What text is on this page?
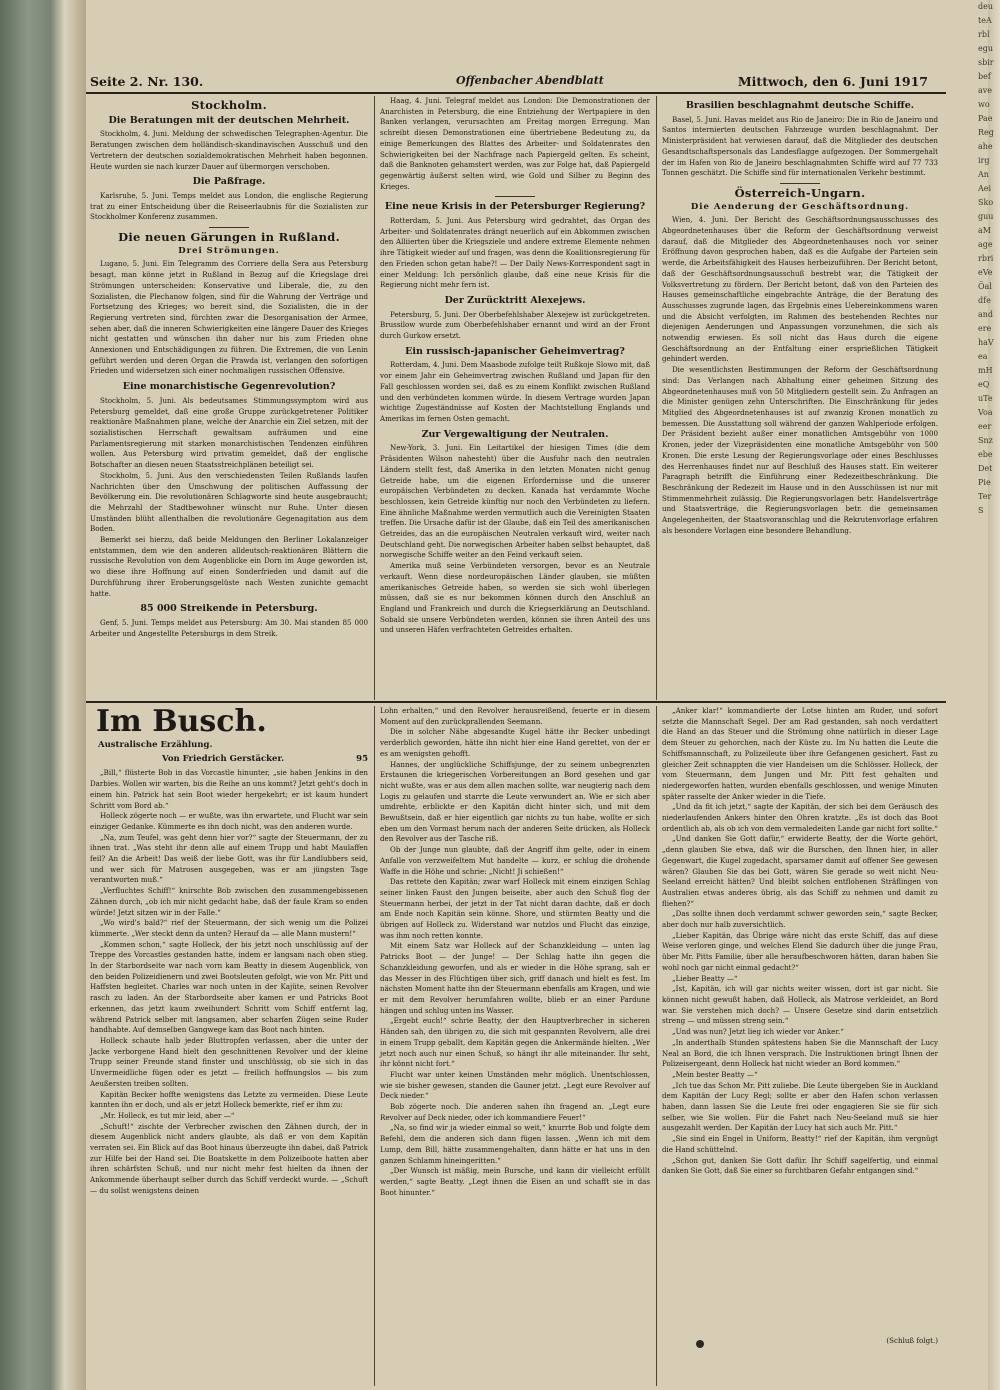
Seite 2. Nr. 130.	Offenbacher Abendblatt	Mittwoch, den 6. Juni 1917
Stockholm.
Die Beratungen mit der deutschen Mehrheit.

Stockholm, 4. Juni. Meldung der schwedischen Telegraphen-Agentur. Die Beratungen zwischen dem holländisch-skandinavischen Ausschuß und den Vertretern der deutschen sozialdemokratischen Mehrheit haben begonnen. Heute wurden sie nach kurzer Dauer auf übermorgen verschoben.

Die Paßfrage.

Karlsruhe, 5. Juni. Temps meldet aus London, die englische Regierung trat zu einer Entscheidung über die Reiseerlaubnis für die Sozialisten zur Stockholmer Konferenz zusammen.

Die neuen Gärungen in Rußland.
Drei Strömungen.

Lugano, 5. Juni. Ein Telegramm des Corriere della Sera aus Petersburg besagt, man könne jetzt in Rußland in Bezug auf die Kriegslage drei Strömungen unterscheiden: Konservative und Liberale, die, zu den Sozialisten, die Plechanow folgen, sind für die Wahrung der Verträge und Fortsetzung des Krieges; wo bereit sind, die Sozialisten, die in der Regierung vertreten sind, fürchten zwar die Desorganisation der Armee, sehen aber, daß die inneren Schwierigkeiten eine längere Dauer des Krieges nicht gestatten und wünschen ihn daher nur bis zum Frieden ohne Annexionen und Entschädigungen zu führen. Die Extremen, die von Lenin geführt werden und deren Organ die Prawda ist, verlangen den sofortigen Frieden und widersetzen sich einer nochmaligen russischen Offensive.

Eine monarchistische Gegenrevolution?

Stockholm, 5. Juni. Als bedeutsames Stimmungssymptom wird aus Petersburg gemeldet, daß eine große Gruppe zurückgetretener Politiker reaktionäre Maßnahmen plane, welche der Anarchie ein Ziel setzen, mit der sozialistischen Herrschaft gewaltsam aufräumen und eine Parlamentsregierung mit starken monarchistischen Tendenzen einführen wollen. Aus Petersburg wird privatim gemeldet, daß der englische Botschafter an diesen neuen Staatsstreichplänen beteiligt sei.

Stockholm, 5. Juni. Aus den verschiedensten Teilen Rußlands laufen Nachrichten über den Umschwung der politischen Auffassung der Bevölkerung ein. Die revolutionären Schlagworte sind heute ausgebraucht; die Mehrzahl der Stadtbewohner wünscht nur Ruhe. Unter diesen Umständen blüht allenthalben die revolutionäre Gegenagitation aus dem Boden.

Bemerkt sei hierzu, daß beide Meldungen den Berliner Lokalanzeiger entstammen, dem wie den anderen alldeutsch-reaktionären Blättern die russische Revolution von dem Augenblicke ein Dorn im Auge geworden ist, wo diese ihre Hoffnung auf einen Sonderfrieden und damit auf die Durchführung ihrer Eroberungsgelüste nach Westen zunichte gemacht hatte.

85 000 Streikende in Petersburg.

Genf, 5. Juni. Temps meldet aus Petersburg: Am 30. Mai standen 85 000 Arbeiter und Angestellte Petersburgs in dem Streik.

Haag, 4. Juni. Telegraf meldet aus London: Die Demonstrationen der Anarchisten in Petersburg, die eine Entziehung der Wertpapiere in den Banken verlangen, verursachten am Freitag morgen Erregung. Man schreibt diesen Demonstrationen eine übertriebene Bedeutung zu, da einige Bemerkungen des Blattes des Arbeiter- und Soldatenrates den Schwierigkeiten bei der Nachfrage nach Papiergeld gelten. Es scheint, daß die Banknoten gehamstert werden, was zur Folge hat, daß Papiergeld gegenwärtig äußerst selten wird, wie Gold und Silber zu Beginn des Krieges.

Eine neue Krisis in der Petersburger Regierung?

Rotterdam, 5. Juni. Aus Petersburg wird gedrahtet, das Organ des Arbeiter- und Soldatenrates drängt neuerlich auf ein Abkommen zwischen den Alliierten über die Kriegsziele und andere extreme Elemente nehmen ihre Tätigkeit wieder auf und fragen, was denn die Koalitionsregierung für den Frieden schon getan habe?! — Der Daily News-Korrespondent sagt in einer Meldung: Ich persönlich glaube, daß eine neue Krisis für die Regierung nicht mehr fern ist.

Der Zurücktritt Alexejews.

Petersburg, 5. Juni. Der Oberbefehlshaber Alexejew ist zurückgetreten. Brussilow wurde zum Oberbefehlshaber ernannt und wird an der Front durch Gurkow ersetzt.

Ein russisch-japanischer Geheimvertrag?

Rotterdam, 4. Juni. Dem Maasbode zufolge teilt Rußkoje Slowo mit, daß vor einem Jahr ein Geheimvertrag zwischen Rußland und Japan für den Fall geschlossen worden sei, daß es zu einem Konflikt zwischen Rußland und den verbündeten kommen würde. In diesem Vertrage wurden Japan wichtige Zugeständnisse auf Kosten der Machtstellung Englands und Amerikas im fernen Osten gemacht.

Zur Vergewaltigung der Neutralen.

New-York, 3. Juni. Ein Leitartikel der hiesigen Times (die dem Präsidenten Wilson nahesteht) über die Ausfuhr nach den neutralen Ländern stellt fest, daß Amerika in den letzten Monaten nicht genug Getreide habe, um die eigenen Erfordernisse und die unserer europäischen Verbündeten zu decken. Kanada hat verdammte Woche beschlossen, kein Getreide künftig nur noch den Verbündeten zu liefern. Eine ähnliche Maßnahme werden vermutlich auch die Vereinigten Staaten treffen. Die Ursache dafür ist der Glaube, daß ein Teil des amerikanischen Getreides, das an die europäischen Neutralen verkauft wird, weiter nach Deutschland geht. Die norwegischen Arbeiter haben selbst behauptet, daß norwegische Schiffe weiter an den Feind verkauft seien.

Amerika muß seine Verbündeten versorgen, bevor es an Neutrale verkauft. Wenn diese nordeuropäischen Länder glauben, sie müßten amerikanisches Getreide haben, so werden sie sich wohl überlegen müssen, daß sie es nur bekommen können durch den Anschluß an England und Frankreich und durch die Kriegserklärung an Deutschland. Sobald sie unsere Verbündeten werden, können sie ihren Anteil des uns und unseren Häfen verfrachteten Getreides erhalten.

Brasilien beschlagnahmt deutsche Schiffe.

Basel, 5. Juni. Havas meldet aus Rio de Janeiro: Die in Rio de Janeiro und Santos internierten deutschen Fahrzeuge wurden beschlagnahmt. Der Ministerpräsident hat verwiesen darauf, daß die Mitglieder des deutschen Gesandtschaftspersonals das Landesflagge aufgezogen. Der Sommergehalt der im Hafen von Rio de Janeiro beschlagnahmten Schiffe wird auf 77 733 Tonnen geschätzt. Die Schiffe sind für internationalen Verkehr bestimmt.

Österreich-Ungarn.
Die Aenderung der Geschäftsordnung.

Wien, 4. Juni. Der Bericht des Geschäftsordnungsausschusses des Abgeordnetenhauses über die Reform der Geschäftsordnung verweist darauf, daß die Mitglieder des Abgeordnetenhauses noch vor seiner Eröffnung davon gesprochen haben, daß es die Aufgabe der Parteien sein werde, die Arbeitsfähigkeit des Hauses herbeizuführen. Der Bericht betont, daß der Geschäftsordnungsausschuß bestrebt war, die Tätigkeit der Volksvertretung zu fördern. Der Bericht betont, daß von den Parteien des Hauses gemeinschaftliche eingebrachte Anträge, die der Beratung des Ausschusses zugrunde lagen, das Ergebnis eines Uebereinkommens waren und die Absicht verfolgten, im Rahmen des bestehenden Rechtes nur diejenigen Aenderungen und Anpassungen vorzunehmen, die sich als notwendig erwiesen. Es soll nicht das Haus durch die eigene Geschäftsordnung an der Entfaltung einer ersprießlichen Tätigkeit gehindert werden.

Die wesentlichsten Bestimmungen der Reform der Geschäftsordnung sind: Das Verlangen nach Abhaltung einer geheimen Sitzung des Abgeordnetenhauses muß von 50 Mitgliedern gestellt sein. Zu Anfragen an die Minister genügen zehn Unterschriften. Die Einschränkung für jedes Mitglied des Abgeordnetenhauses ist auf zwanzig Kronen monatlich zu bemessen. Die Ausstattung soll während der ganzen Wahlperiode erfolgen. Der Präsident bezieht außer einer monatlichen Amtsgebühr von 1000 Kronen, jeder der Vizepräsidenten eine monatliche Amtsgebühr von 500 Kronen. Die erste Lesung der Regierungsvorlage oder eines Beschlusses des Herrenhauses findet nur auf Beschluß des Hauses statt. Ein weiterer Paragraph betrifft die Einführung einer Redezeitbeschränkung. Die Beschränkung der Redezeit im Hause und in den Ausschüssen ist nur mit Stimmenmehrheit zulässig. Die Regierungsvorlagen betr. Handelsverträge und Staatsverträge, die Regierungsvorlagen betr. die gemeinsamen Angelegenheiten, der Staatsvoranschlag und die Rekrutenvorlage erfahren als besondere Vorlagen eine besondere Behandlung.

Im Busch.
Australische Erzählung.
Von Friedrich Gerstäcker.	95

„Bill,“ flüsterte Bob in das Vorcastle hinunter, „sie haben Jenkins in den Darbies. Wollen wir warten, bis die Reihe an uns kommt? Jetzt geht's doch in einem hin. Patrick hat sein Boot wieder hergekehrt; er ist kaum hundert Schritt vom Bord ab.“

Holleck zögerte noch — er wußte, was ihn erwartete, und Flucht war sein einziger Gedanke. Kümmerte es ihn doch nicht, was den anderen wurde.

„Na, zum Teufel, was geht denn hier vor?“ sagte der Steuermann, der zu ihnen trat. „Was steht ihr denn alle auf einem Trupp und habt Maulaffen feil? An die Arbeit! Das weiß der liebe Gott, was ihr für Landlubbers seid, und wer sich für Matrosen ausgegeben, was er am jüngsten Tage verantworten muß.“

„Verfluchtes Schiff!“ knirschte Bob zwischen den zusammengebissenen Zähnen durch, „ob ich mir nicht gedacht habe, daß der faule Kram so enden würde! Jetzt sitzen wir in der Falle.“

„Wo wird's bald?“ rief der Steuermann, der sich wenig um die Polizei kümmerte. „Wer steckt denn da unten? Herauf da — alle Mann mustern!“

„Kommen schon,“ sagte Holleck, der bis jetzt noch unschlüssig auf der Treppe des Vorcastles gestanden hatte, indem er langsam nach oben stieg. In der Starbordseite war nach vorn kam Beatty in diesem Augenblick, von den beiden Polizeidienern und zwei Bootsleuten gefolgt, wie von Mr. Pitt und Haffsten begleitet. Charles war noch unten in der Kajüte, seinen Revolver rasch zu laden. An der Starbordseite aber kamen er und Patricks Boot erkennen, das jetzt kaum zweihundert Schritt vom Schiff entfernt lag, während Patrick selber mit langsamen, aber scharfen Zügen seine Ruder handhabte. Auf demselben Gangwege kam das Boot nach hinten.

Holleck schaute halb jeder Bluttropfen verlassen, aber die unter der Jacke verborgene Hand hielt den geschnittenen Revolver und der kleine Trupp seiner Freunde stand finster und unschlüssig, ob sie sich in das Unvermeidliche fügen oder es jetzt — freilich hoffnungslos — bis zum Aeußersten treiben sollten.

Kapitän Becker hoffte wenigstens das Letzte zu vermeiden. Diese Leute kannten ihn er doch, und als er jetzt Holleck bemerkte, rief er ihm zu:

„Mr. Holleck, es tut mir leid, aber —“

„Schuft!“ zischte der Verbrecher zwischen den Zähnen durch, der in diesem Augenblick nicht anders glaubte, als daß er von dem Kapitän verraten sei. Ein Blick auf das Boot hinaus überzeugte ihn dabei, daß Patrick zur Hilfe bei der Hand sei. Die Boatskette in dem Polizeiboote hatten aber ihren schärfsten Schuß, und nur nicht mehr fest hielten da ihnen der Ankommende überhaupt selber durch das Schiff verdeckt wurde. — „Schuft — du sollst wenigstens deinen

Lohn erhalten,“ und den Revolver herausreißend, feuerte er in diesem Moment auf den zurückprallenden Seemann.

Die in solcher Nähe abgesandte Kugel hätte ihr Becker unbedingt verderblich geworden, hätte ihn nicht hier eine Hand gerettet, von der er es am wenigsten gehofft.

Hannes, der unglückliche Schiffsjunge, der zu seinem unbegrenzten Erstaunen die kriegerischen Vorbereitungen an Bord gesehen und gar nicht wußte, was er aus dem allen machen sollte, war neugierig nach dem Logis zu gelaufen und starrte die Leute verwundert an. Wie er sich aber umdrehte, erblickte er den Kapitän dicht hinter sich, und mit dem Bewußtsein, daß er hier eigentlich gar nichts zu tun habe, wollte er sich eben um den Vormast herum nach der anderen Seite drücken, als Holleck den Revolver aus der Tasche riß.

Ob der Junge nun glaubte, daß der Angriff ihm gelte, oder in einem Anfalle von verzweifeltem Mut handelte — kurz, er schlug die drohende Waffe in die Höhe und schrie: „Nicht! Ji schießen!“

Das rettete den Kapitän; zwar warf Holleck mit einem einzigen Schlag seiner linken Faust den Jungen beiseite, aber auch den Schuß flog der Steuermann herbei, der jetzt in der Tat nicht daran dachte, daß er doch am Ende noch Kapitän sein könne. Shore, und stürmten Beatty und die übrigen auf Holleck zu. Widerstand war nutzlos und Flucht das einzige, was ihm noch retten konnte.

Mit einem Satz war Holleck auf der Schanzkleidung — unten lag Patricks Boot — der Junge! — Der Schlag hatte ihn gegen die Schanzkleidung geworfen, und als er wieder in die Höhe sprang, sah er das Messer in des Flüchtigen über sich, griff danach und hielt es fest. Im nächsten Moment hatte ihn der Steuermann ebenfalls am Kragen, und wie er mit dem Revolver herumfahren wollte, blieb er an einer Pardune hängen und schlug unten ins Wasser.

„Ergebt euch!“ schrie Beatty, der den Hauptverbrecher in sicheren Händen sah, den übrigen zu, die sich mit gespannten Revolvern, alle drei in einem Trupp geballt, dem Kapitän gegen die Ankermände hielten. „Wer jetzt noch auch nur einen Schuß, so hängt ihr alle miteinander. Ihr seht, ihr könnt nicht fort.“

Flucht war unter keinen Umständen mehr möglich. Unentschlossen, wie sie bisher gewesen, standen die Gauner jetzt. „Legt eure Revolver auf Deck nieder.“

Bob zögerte noch. Die anderen sahen ihn fragend an. „Legt eure Revolver auf Deck nieder, oder ich kommandiere Feuer!“

„Na, so find wir ja wieder einmal so weit,“ knurrte Bob und folgte dem Befehl, dem die anderen sich dann fügen lassen. „Wenn ich mit dem Lump, dem Bill, hätte zusammengehalten, dann hätte er hat uns in den ganzen Schlamm hineingeritten.“

„Der Wunsch ist mäßig, mein Bursche, und kann dir vielleicht erfüllt werden,“ sagte Beatty. „Legt ihnen die Eisen an und schafft sie in das Boot hinunter.“

„Anker klar!“ kommandierte der Lotse hinten am Ruder, und sofort setzte die Mannschaft Segel. Der am Rad gestanden, sah noch verdattert die Hand an das Steuer und die Strömung ohne natürlich in dieser Lage dem Steuer zu gehorchen, nach der Küste zu. Im Nu hatten die Leute die Schiffsmannschaft, zu Polizeileute über ihre Gefangenen gesichert. Fast zu gleicher Zeit schnappten die vier Handeisen um die Schlösser. Holleck, der vom Steuermann, dem Jungen und Mr. Pitt fest gehalten und niedergeworfen hatten, wurden ebenfalls geschlossen, und wenige Minuten später rasselte der Anker wieder in die Tiefe.

„Und da fit ich jetzt,“ sagte der Kapitän, der sich bei dem Geräusch des niederlaufenden Ankers hinter den Ohren kratzte. „Es ist doch das Boot ordentlich ab, als ob ich von dem vermaledeiten Lande gar nicht fort sollte.“

„Und danken Sie Gott dafür,“ erwiderte Beatty, der die Worte gehört, „denn glauben Sie etwa, daß wir die Burschen, den Ihnen hier, in aller Gegenwart, die Kugel zugedacht, sparsamer damit auf offener See gewesen wären? Glauben Sie das bei Gott, wären Sie gerade so weit nicht Neu-Seeland erreicht hätten? Und bleibt solchen entflohenen Sträflingen von Australien etwas anderes übrig, als das Schiff zu nehmen und damit zu fliehen?“

„Das sollte ihnen doch verdammt schwer geworden sein,“ sagte Becker, aber doch nur halb zuversichtlich.

„Lieber Kapitän, das Übrige wäre nicht das erste Schiff, das auf diese Weise verloren ginge, und welches Elend Sie dadurch über die junge Frau, über Mr. Pitts Familie, über alle heraufbeschworen hätten, daran haben Sie wohl noch gar nicht einmal gedacht?“

„Lieber Beatty —“

„Ist, Kapitän, ich will gar nichts weiter wissen, dort ist gar nicht. Sie können nicht gewußt haben, daß Holleck, als Matrose verkleidet, an Bord war. Sie verstehen mich doch? — Unsere Gesetze sind darin entsetzlich streng — und müssen streng sein.“

„Und was nun? Jetzt lieg ich wieder vor Anker.“

„In anderthalb Stunden spätestens haben Sie die Mannschaft der Lucy Neal an Bord, die ich Ihnen versprach. Die Instruktionen bringt Ihnen der Polizeisergeant, denn Holleck hat nicht wieder an Bord kommen.“

„Mein bester Beatty —“

„Ich tue das Schon Mr. Pitt zuliebe. Die Leute übergeben Sie in Auckland dem Kapitän der Lucy Regl; sollte er aber den Hafen schon verlassen haben, dann lassen Sie die Leute frei oder engagieren Sie sie für sich selber, wie Sie wollen. Für die Fahrt nach Neu-Seeland muß sie hier ausgezahlt werden. Der Kapitän der Lucy hat sich auch Mr. Pitt.“

„Sie sind ein Engel in Uniform, Beatty!“ rief der Kapitän, ihm vergnügt die Hand schüttelnd.

„Schon gut, danken Sie Gott dafür. Ihr Schiff sagelfertig, und einmal danken Sie Gott, daß Sie einer so furchtbaren Gefahr entgangen sind.“

(Schluß folgt.)
deuteArblegusbirbefavewoPaeRegaheirgAnAeiSkoguuaMagerbrieVeÖaldfeanderehaVeamHeQuTeVoaeerSnzebeDetPieTerS
